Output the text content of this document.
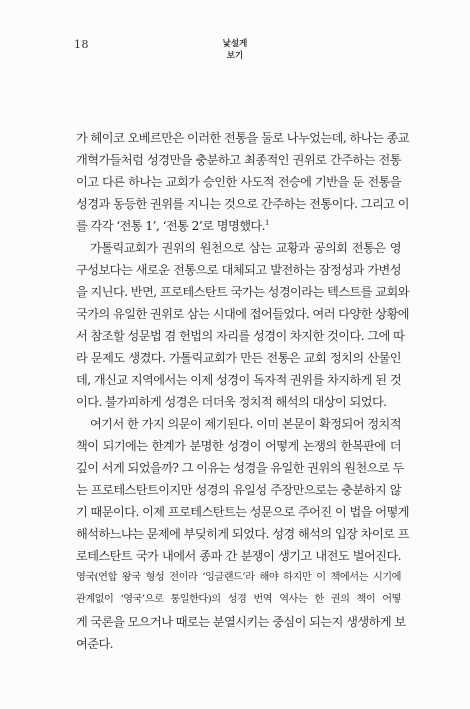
18	낯설게
보기
가 헤이코 오베르만은 이러한 전통을 둘로 나누었는데, 하나는 종교
개혁가들처럼 성경만을 충분하고 최종적인 권위로 간주하는 전통
이고 다른 하나는 교회가 승인한 사도적 전승에 기반을 둔 전통을
성경과 동등한 권위를 지니는 것으로 간주하는 전통이다. 그리고 이
를 각각 ‘전통 1’, ‘전통 2’로 명명했다.$^1$
가톨릭교회가 권위의 원천으로 삼는 교황과 공의회 전통은 영
구성보다는 새로운 전통으로 대체되고 발전하는 잠정성과 가변성
을 지닌다. 반면, 프로테스탄트 국가는 성경이라는 텍스트를 교회와
국가의 유일한 권위로 삼는 시대에 접어들었다. 여러 다양한 상황에
서 참조할 성문법 겸 헌법의 자리를 성경이 차지한 것이다. 그에 따
라 문제도 생겼다. 가톨릭교회가 만든 전통은 교회 정치의 산물인
데, 개신교 지역에서는 이제 성경이 독자적 권위를 차지하게 된 것
이다. 불가피하게 성경은 더더욱 정치적 해석의 대상이 되었다.
여기서 한 가지 의문이 제기된다. 이미 본문이 확정되어 정치적
책이 되기에는 한계가 분명한 성경이 어떻게 논쟁의 한복판에 더
깊이 서게 되었을까? 그 이유는 성경을 유일한 권위의 원천으로 두
는 프로테스탄트이지만 성경의 유일성 주장만으로는 충분하지 않
기 때문이다. 이제 프로테스탄트는 성문으로 주어진 이 법을 어떻게
해석하느냐는 문제에 부딪히게 되었다. 성경 해석의 입장 차이로 프
로테스탄트 국가 내에서 종파 간 분쟁이 생기고 내전도 벌어진다.
영국(연합 왕국 형성 전이라 ‘잉글랜드’라 해야 하지만 이 책에서는 시기에
관계없이 ‘영국’으로 통일한다)의 성경 번역 역사는 한 권의 책이 어떻
게 국론을 모으거나 때로는 분열시키는 중심이 되는지 생생하게 보
여준다.
